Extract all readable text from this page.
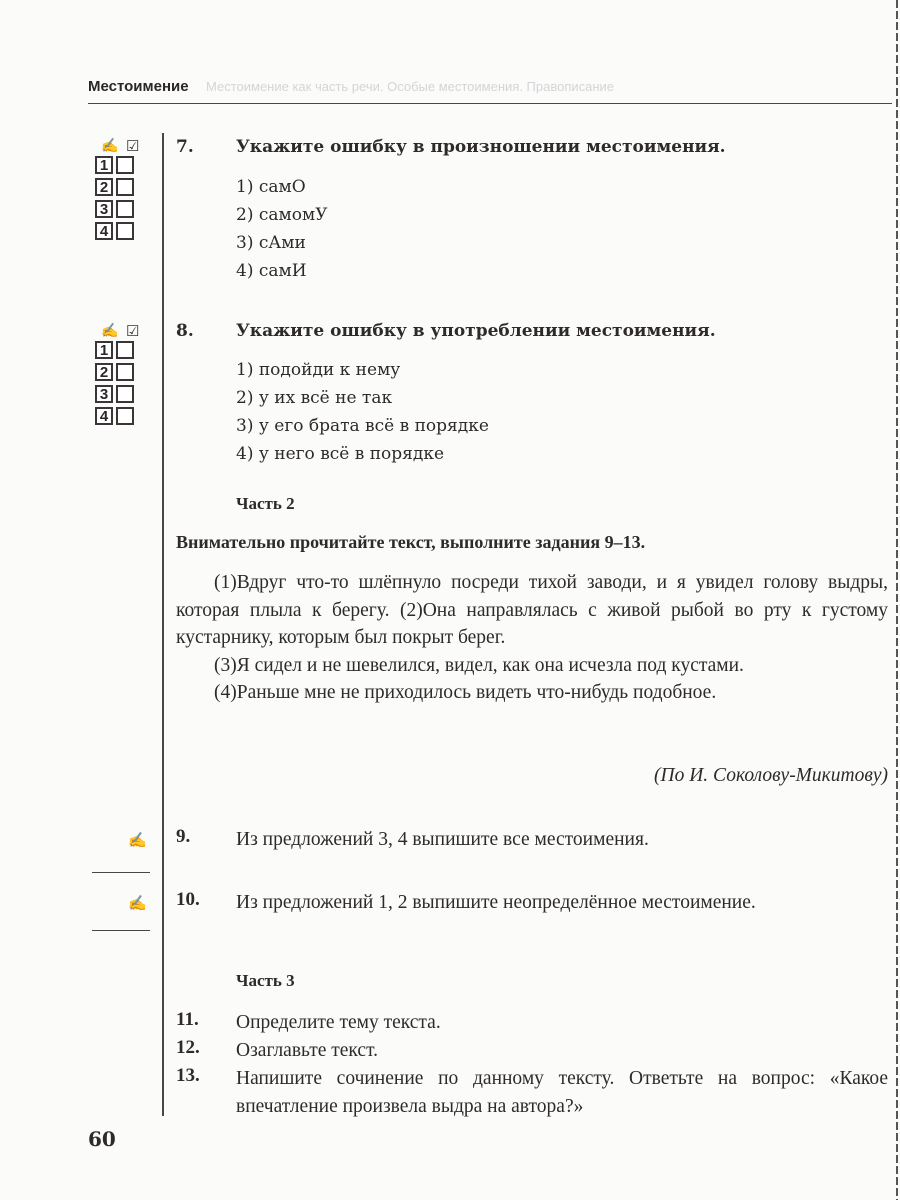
Местоимение Местоимение как часть речи. Особые местоимения. Правописание
✍ ☑
1
2
3
4
7. Укажите ошибку в произношении местоимения.
1) самО
2) самомУ
3) сАми
4) самИ
✍ ☑
1
2
3
4
8. Укажите ошибку в употреблении местоимения.
1) подойди к нему
2) у их всё не так
3) у его брата всё в порядке
4) у него всё в порядке
Часть 2
Внимательно прочитайте текст, выполните задания 9–13.

(1)Вдруг что-то шлёпнуло посреди тихой заводи, и я увидел голову выдры, которая плыла к берегу. (2)Она направлялась с живой рыбой во рту к густому кустарнику, которым был покрыт берег.

(3)Я сидел и не шевелился, видел, как она исчезла под кустами.

(4)Раньше мне не приходилось видеть что-нибудь подобное.

(По И. Соколову-Микитову)
✍ 9. Из предложений 3, 4 выпишите все местоимения.
✍ 10. Из предложений 1, 2 выпишите неопределённое местоимение.
Часть 3
11. Определите тему текста.
12. Озаглавьте текст.
13. Напишите сочинение по данному тексту. Ответьте на вопрос: «Какое впечатление произвела выдра на автора?»
60
